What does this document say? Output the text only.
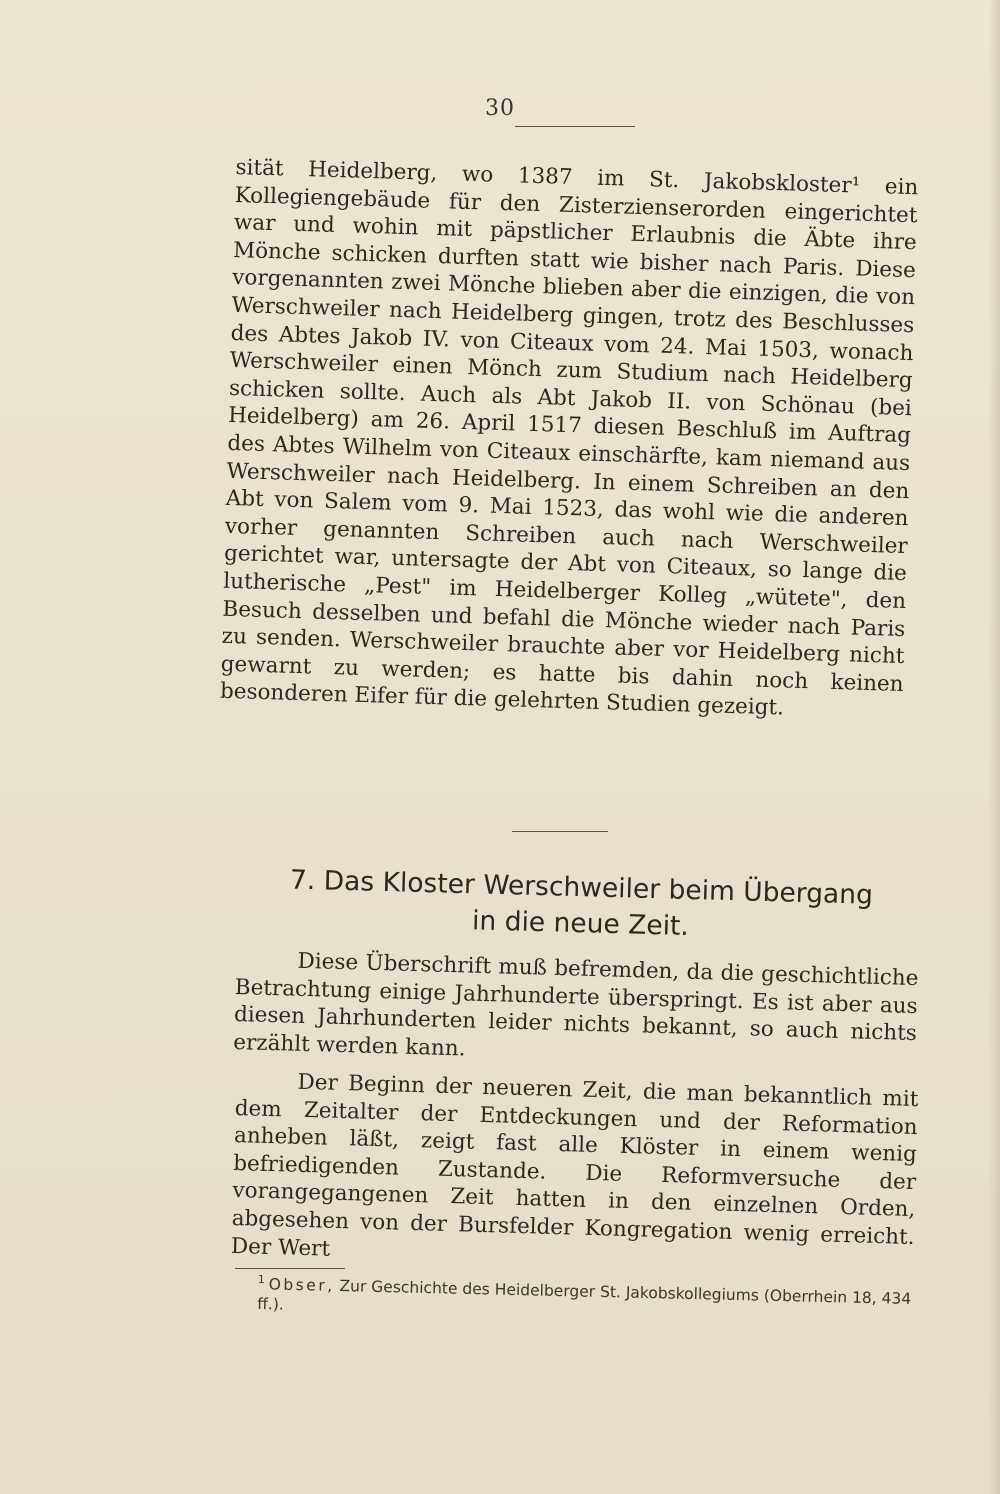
30

sität Heidelberg, wo 1387 im St. Jakobskloster¹ ein Kollegiengebäude für den Zisterzienserorden eingerichtet war und wohin mit päpstlicher Erlaubnis die Äbte ihre Mönche schicken durften statt wie bisher nach Paris. Diese vorgenannten zwei Mönche blieben aber die einzigen, die von Werschweiler nach Heidelberg gingen, trotz des Beschlusses des Abtes Jakob IV. von Citeaux vom 24. Mai 1503, wonach Werschweiler einen Mönch zum Studium nach Heidelberg schicken sollte. Auch als Abt Jakob II. von Schönau (bei Heidelberg) am 26. April 1517 diesen Beschluß im Auftrag des Abtes Wilhelm von Citeaux einschärfte, kam niemand aus Werschweiler nach Heidelberg. In einem Schreiben an den Abt von Salem vom 9. Mai 1523, das wohl wie die anderen vorher genannten Schreiben auch nach Werschweiler gerichtet war, untersagte der Abt von Citeaux, so lange die lutherische „Pest" im Heidelberger Kolleg „wütete", den Besuch desselben und befahl die Mönche wieder nach Paris zu senden. Werschweiler brauchte aber vor Heidelberg nicht gewarnt zu werden; es hatte bis dahin noch keinen besonderen Eifer für die gelehrten Studien gezeigt.

7. Das Kloster Werschweiler beim Übergang
in die neue Zeit.

Diese Überschrift muß befremden, da die geschichtliche Betrachtung einige Jahrhunderte überspringt. Es ist aber aus diesen Jahrhunderten leider nichts bekannt, so auch nichts erzählt werden kann.

Der Beginn der neueren Zeit, die man bekanntlich mit dem Zeitalter der Entdeckungen und der Reformation anheben läßt, zeigt fast alle Klöster in einem wenig befriedigenden Zustande. Die Reformversuche der vorangegangenen Zeit hatten in den einzelnen Orden, abgesehen von der Bursfelder Kongregation wenig erreicht. Der Wert

$^1$ Obser, Zur Geschichte des Heidelberger St. Jakobskollegiums (Oberrhein 18, 434 ff.).
